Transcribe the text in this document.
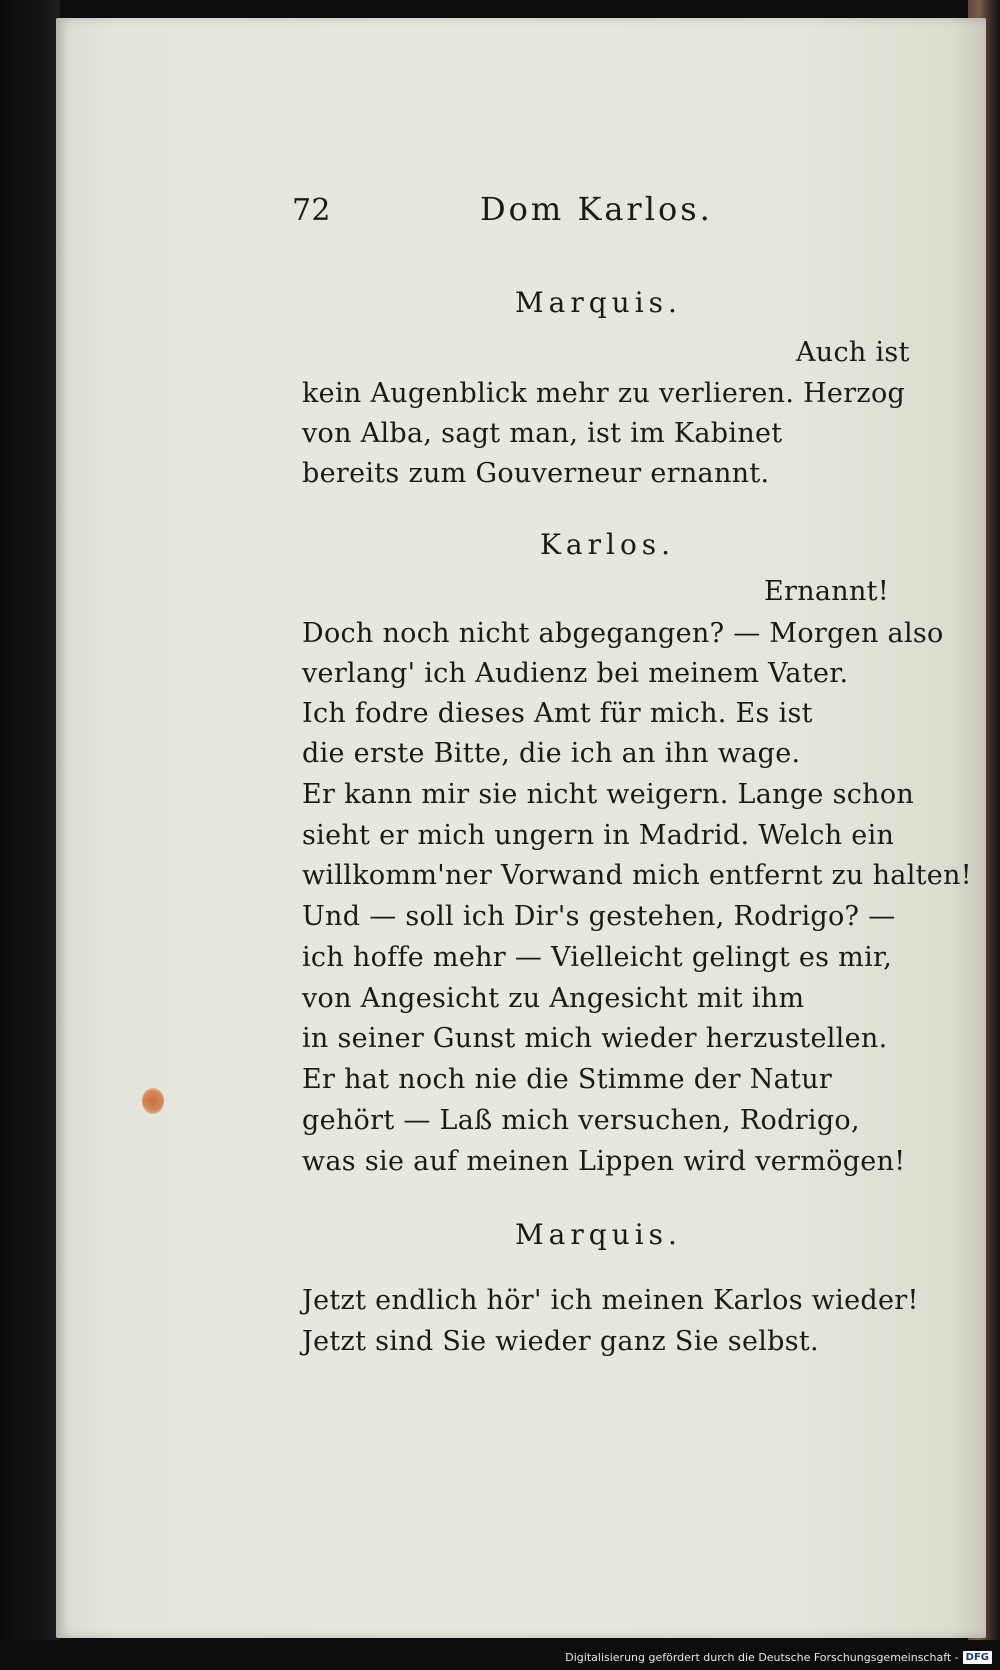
72	Dom Karlos.
Marquis.
Auch ist
kein Augenblick mehr zu verlieren. Herzog
von Alba, sagt man, ist im Kabinet
bereits zum Gouverneur ernannt.
Karlos.
Ernannt!
Doch noch nicht abgegangen? — Morgen also
verlang' ich Audienz bei meinem Vater.
Ich fodre dieses Amt für mich. Es ist
die erste Bitte, die ich an ihn wage.
Er kann mir sie nicht weigern. Lange schon
sieht er mich ungern in Madrid. Welch ein
willkomm'ner Vorwand mich entfernt zu halten!
Und — soll ich Dir's gestehen, Rodrigo? —
ich hoffe mehr — Vielleicht gelingt es mir,
von Angesicht zu Angesicht mit ihm
in seiner Gunst mich wieder herzustellen.
Er hat noch nie die Stimme der Natur
gehört — Laß mich versuchen, Rodrigo,
was sie auf meinen Lippen wird vermögen!
Marquis.
Jetzt endlich hör' ich meinen Karlos wieder!
Jetzt sind Sie wieder ganz Sie selbst.
Digitalisierung gefördert durch die Deutsche Forschungsgemeinschaft - DFG
